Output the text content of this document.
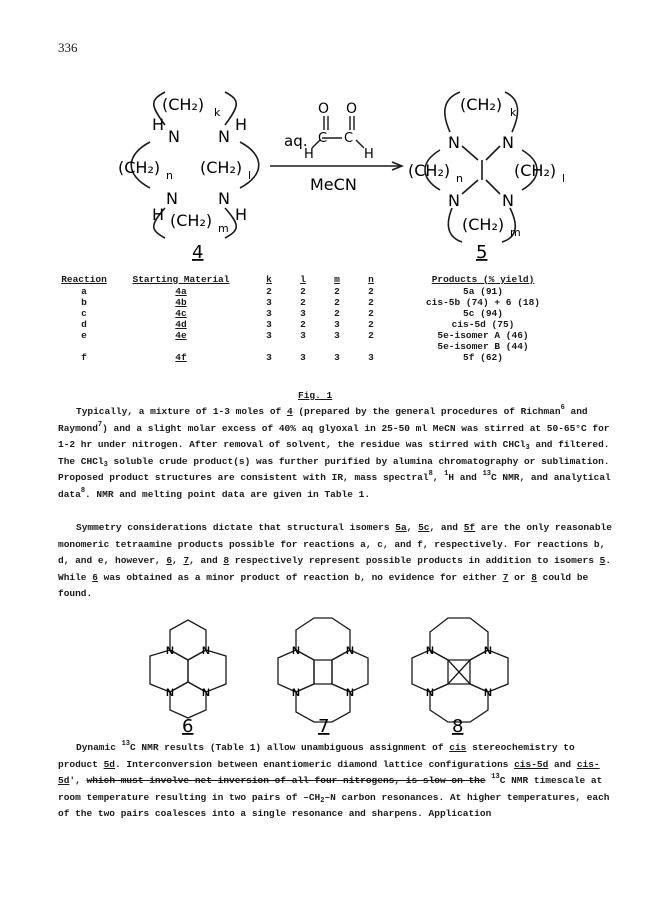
336
H
N
(CH₂) k
N
H
(CH₂) n (CH₂) l
N
H
N
H
(CH₂) m
4
O O
C C
H	H
aq.
MeCN
(CH₂) k
N	N
(CH₂) n	(CH₂) l
N	N
(CH₂) m
5
Reaction	Starting Material	k	l	m	n	Products (% yield)
a	4a	2	2	2	2	5a (91)

b	4b	3	2	2	2	cis-5b (74) + 6 (18)

c	4c	3	3	2	2	5c (94)

d	4d	3	2	3	2	cis-5d (75)

e	4e	3	3	3	2	5e-isomer A (46)
5e-isomer B (44)

f	4f	3	3	3	3	5f (62)
Fig. 1

Typically, a mixture of 1-3 moles of 4 (prepared by the general procedures of Richman$^6$ and Raymond$^7$) and a slight molar excess of 40% aq glyoxal in 25-50 ml MeCN was stirred at 50-65°C for 1-2 hr under nitrogen. After removal of solvent, the residue was stirred with CHCl$_3$ and filtered. The CHCl$_3$ soluble crude product(s) was further purified by alumina chromatography or sublimation. Proposed product structures are consistent with IR, mass spectral$^8$, $^1$H and $^{13}$C NMR, and analytical data$^8$. NMR and melting point data are given in Table 1.

Symmetry considerations dictate that structural isomers 5a, 5c, and 5f are the only reasonable monomeric tetraamine products possible for reactions a, c, and f, respectively. For reactions b, d, and e, however, 6, 7, and 8 respectively represent possible products in addition to isomers 5. While 6 was obtained as a minor product of reaction b, no evidence for either 7 or 8 could be found.

N	N
N	N
N	N
N	N
N	N
N	N
6	7	8

Dynamic $^{13}$C NMR results (Table 1) allow unambiguous assignment of cis stereochemistry to product 5d. Interconversion between enantiomeric diamond lattice configurations cis-5d and cis-5d', which must involve net inversion of all four nitrogens, is slow on the $^{13}$C NMR timescale at room temperature resulting in two pairs of $-CH_2-N$ carbon resonances. At higher temperatures, each of the two pairs coalesces into a single resonance and sharpens. Application
